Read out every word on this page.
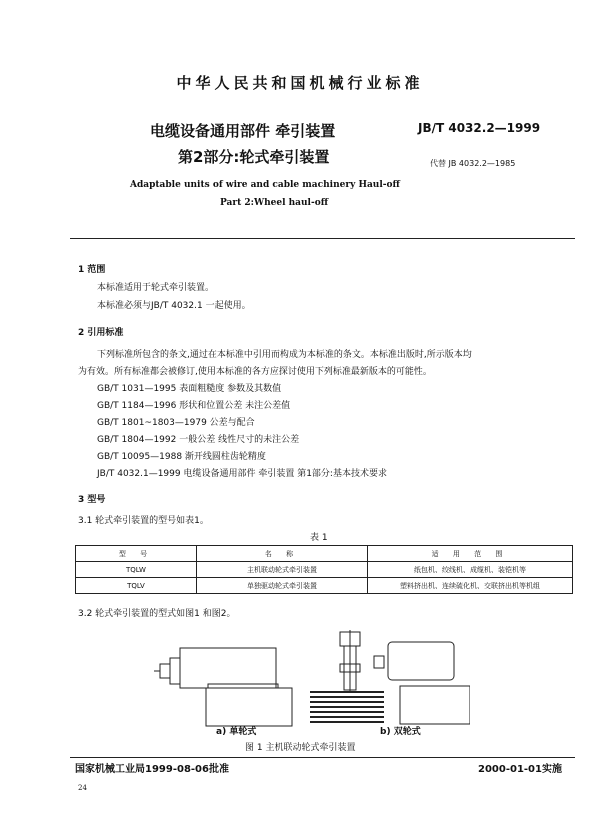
中华人民共和国机械行业标准
电缆设备通用部件 牵引装置	JB/T 4032.2—1999
第2部分:轮式牵引装置	代替 JB 4032.2—1985
Adaptable units of wire and cable machinery Haul-off
Part 2:Wheel haul-off
1 范围
本标准适用于轮式牵引装置。
本标准必须与JB/T 4032.1 一起使用。
2 引用标准
下列标准所包含的条文,通过在本标准中引用而构成为本标准的条文。本标准出版时,所示版本均
为有效。所有标准都会被修订,使用本标准的各方应探讨使用下列标准最新版本的可能性。
GB/T 1031—1995 表面粗糙度 参数及其数值
GB/T 1184—1996 形状和位置公差 未注公差值
GB/T 1801~1803—1979 公差与配合
GB/T 1804—1992 一般公差 线性尺寸的未注公差
GB/T 10095—1988 渐开线圆柱齿轮精度
JB/T 4032.1—1999 电缆设备通用部件 牵引装置 第1部分:基本技术要求
3 型号
3.1 轮式牵引装置的型号如表1。
表 1
型 号	名 称	适 用 范 围
TQLW	主机联动轮式牵引装置	纸包机、绞线机、成缆机、装铠机等
TQLV	单独驱动轮式牵引装置	塑料挤出机、连续硫化机、交联挤出机等机组
3.2 轮式牵引装置的型式如图1 和图2。
a) 单轮式	b) 双轮式
图 1 主机联动轮式牵引装置
国家机械工业局1999-08-06批准	2000-01-01实施
24
